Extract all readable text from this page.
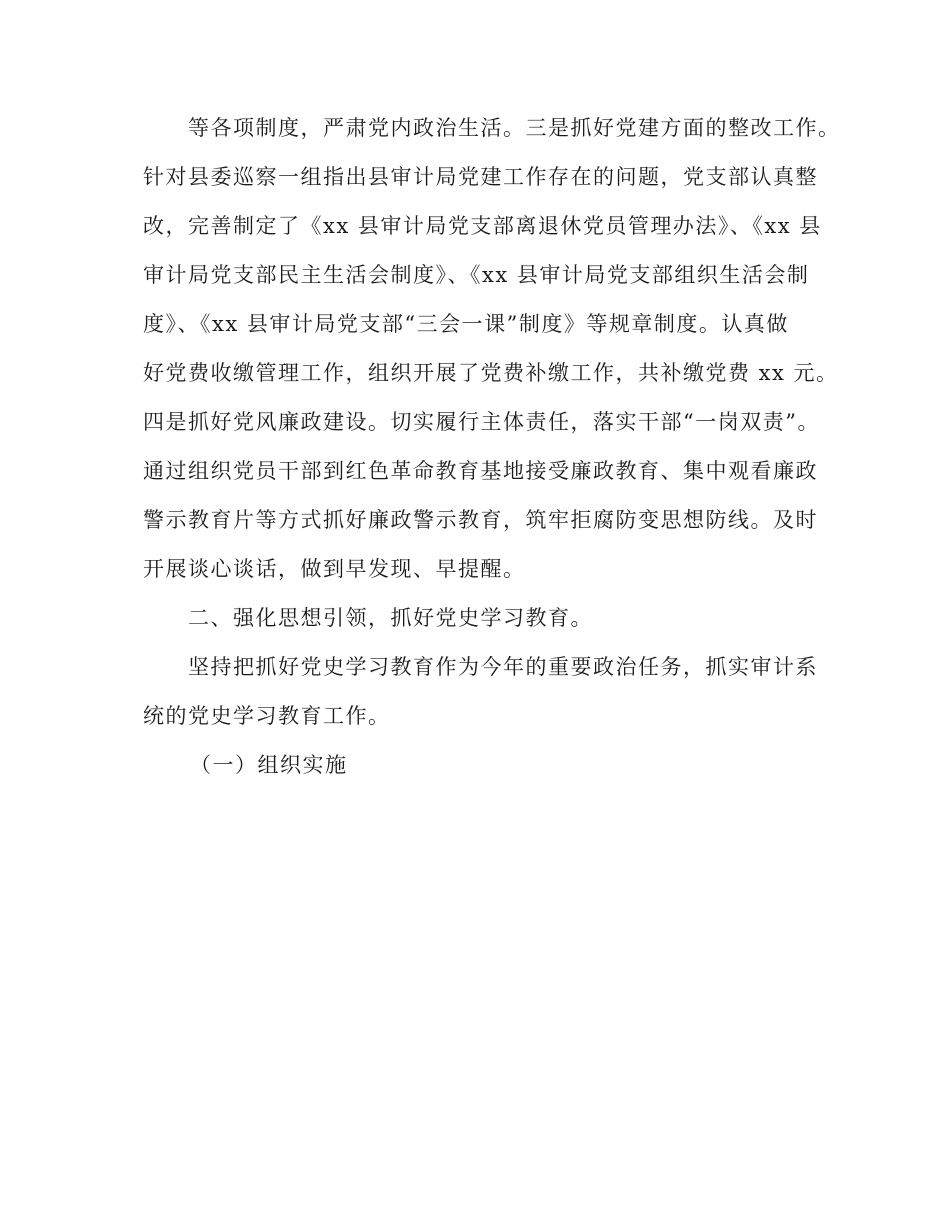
等各项制度，严肃党内政治生活。三是抓好党建方面的整改工作。
针对县委巡察一组指出县审计局党建工作存在的问题，党支部认真整
改，完善制定了《xx 县审计局党支部离退休党员管理办法》、《xx 县
审计局党支部民主生活会制度》、《xx 县审计局党支部组织生活会制
度》、《xx 县审计局党支部“三会一课”制度》等规章制度。认真做
好党费收缴管理工作，组织开展了党费补缴工作，共补缴党费 xx 元。
四是抓好党风廉政建设。切实履行主体责任，落实干部“一岗双责”。
通过组织党员干部到红色革命教育基地接受廉政教育、集中观看廉政
警示教育片等方式抓好廉政警示教育，筑牢拒腐防变思想防线。及时
开展谈心谈话，做到早发现、早提醒。
二、强化思想引领，抓好党史学习教育。
坚持把抓好党史学习教育作为今年的重要政治任务，抓实审计系
统的党史学习教育工作。
（一）组织实施
